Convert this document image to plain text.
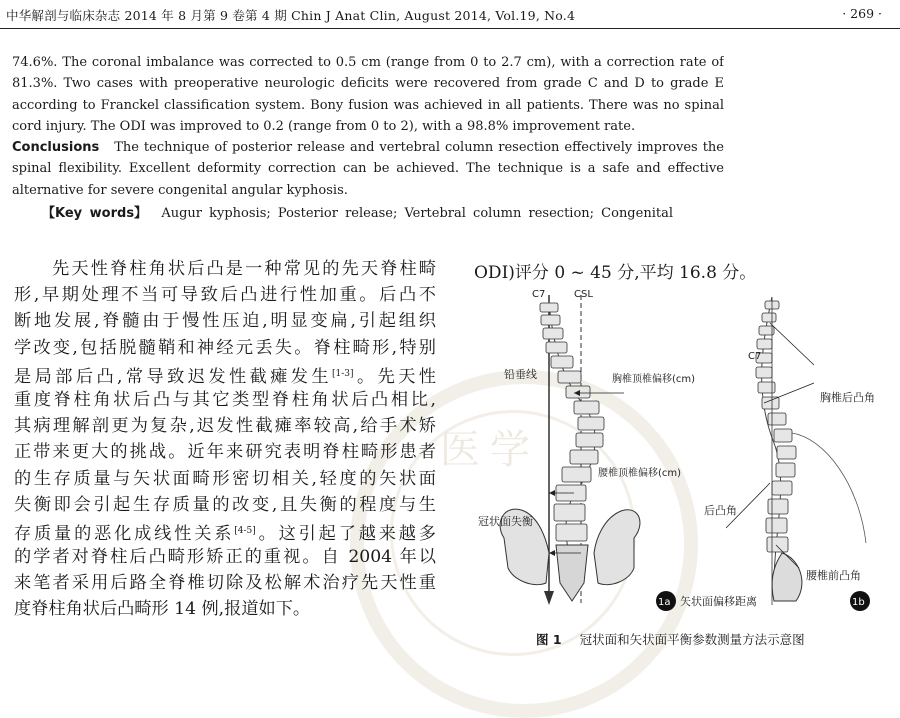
医学
中华解剖与临床杂志 2014 年 8 月第 9 卷第 4 期 Chin J Anat Clin, August 2014, Vol.19, No.4	· 269 ·
74.6%. The coronal imbalance was corrected to 0.5 cm (range from 0 to 2.7 cm), with a correction rate of
81.3%. Two cases with preoperative neurologic deficits were recovered from grade C and D to grade E
according to Franckel classification system. Bony fusion was achieved in all patients. There was no spinal
cord injury. The ODI was improved to 0.2 (range from 0 to 2), with a 98.8% improvement rate.
Conclusions The technique of posterior release and vertebral column resection effectively improves the
spinal flexibility. Excellent deformity correction can be achieved. The technique is a safe and effective
alternative for severe congenital angular kyphosis.
【Key words】 Augur kyphosis; Posterior release; Vertebral column resection; Congenital
先天性脊柱角状后凸是一种常见的先天脊柱畸
形,早期处理不当可导致后凸进行性加重。后凸不
断地发展,脊髓由于慢性压迫,明显变扁,引起组织
学改变,包括脱髓鞘和神经元丢失。脊柱畸形,特别
是局部后凸,常导致迟发性截瘫发生[1-3]。先天性
重度脊柱角状后凸与其它类型脊柱角状后凸相比,
其病理解剖更为复杂,迟发性截瘫率较高,给手术矫
正带来更大的挑战。近年来研究表明脊柱畸形患者
的生存质量与矢状面畸形密切相关,轻度的矢状面
失衡即会引起生存质量的改变,且失衡的程度与生
存质量的恶化成线性关系[4-5]。这引起了越来越多
的学者对脊柱后凸畸形矫正的重视。自 2004 年以
来笔者采用后路全脊椎切除及松解术治疗先天性重
度脊柱角状后凸畸形 14 例,报道如下。
ODI)评分 0 ~ 45 分,平均 16.8 分。
C7	CSL
铅垂线	胸椎顶椎偏移(cm)
腰椎顶椎偏移(cm)
冠状面失衡
1a
C7
胸椎后凸角
后凸角
腰椎前凸角
矢状面偏移距离	1b
图 1 冠状面和矢状面平衡参数测量方法示意图
